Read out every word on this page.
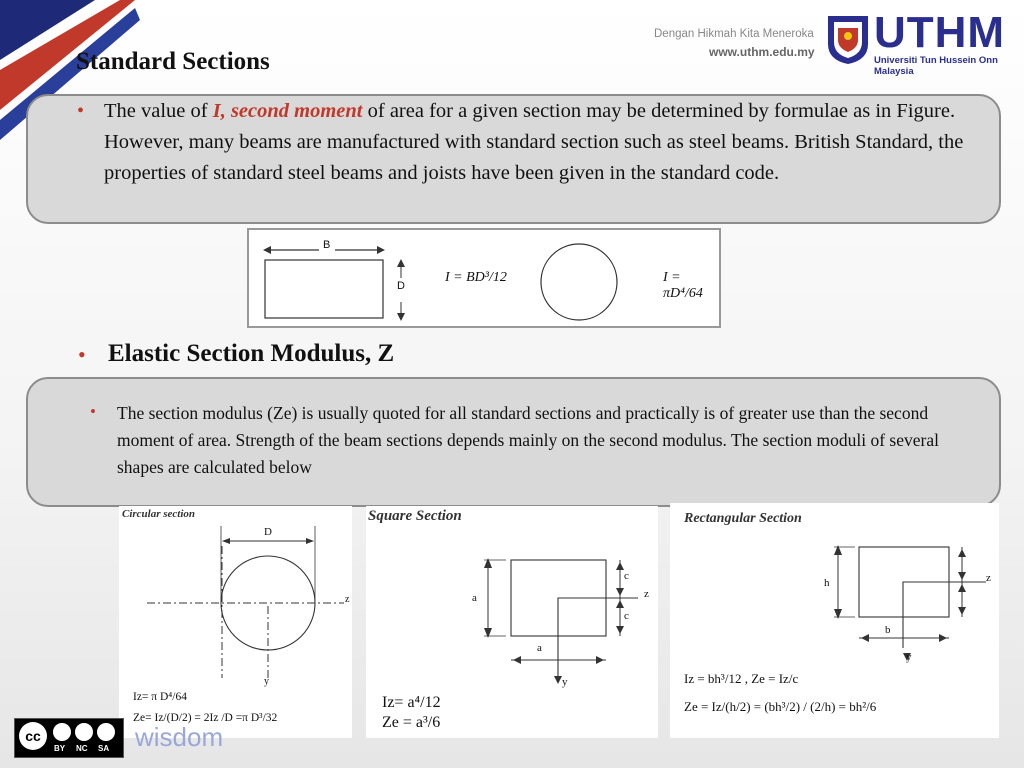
Dengan Hikmah Kita Meneroka
www.uthm.edu.my UTHM
Universiti Tun Hussein Onn Malaysia
• Standard Sections
• The value of I, second moment of area for a given section may be determined by formulae as in Figure. However, many beams are manufactured with standard section such as steel beams. British Standard, the properties of standard steel beams and joists have been given in the standard code.
B
D
I = BD³/12	I = πD⁴/64
• Elastic Section Modulus, Z
• The section modulus (Ze) is usually quoted for all standard sections and practically is of greater use than the second moment of area. Strength of the beam sections depends mainly on the second modulus. The section moduli of several shapes are calculated below
Circular section
D
z
y
Iz= π D⁴/64
Ze= Iz/(D/2) = 2Iz /D =π D³/32
Square Section
a
c
c
z
a
y
Iz= a⁴/12
Ze = a³/6
Rectangular Section
h	z
b
y
Iz = bh³/12 , Ze = Iz/c
Ze = Iz/(h/2) = (bh³/2) / (2/h) = bh²/6
cc
BY NC SA wisdom
